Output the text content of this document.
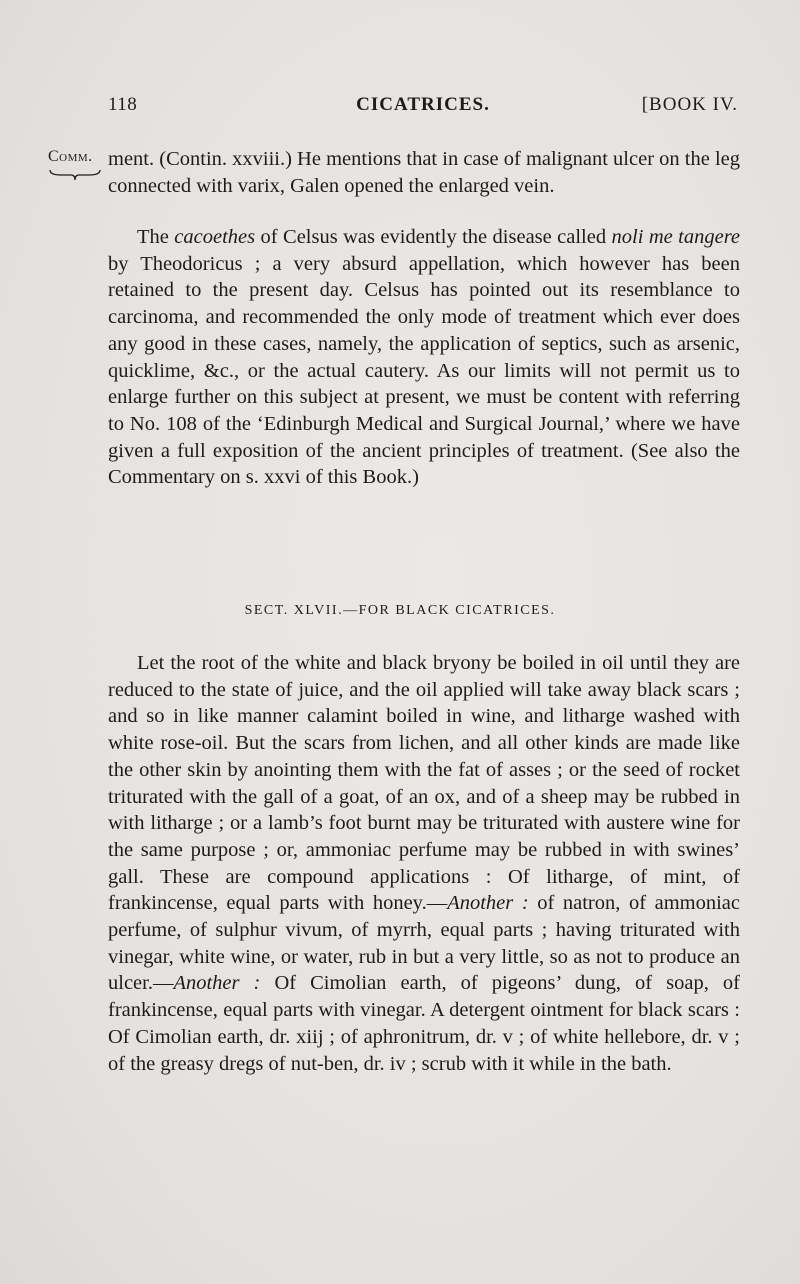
118	CICATRICES.	[BOOK IV.
Comm. ment. (Contin. xxviii.) He mentions that in case of malignant ulcer on the leg connected with varix, Galen opened the enlarged vein.

The cacoethes of Celsus was evidently the disease called noli me tangere by Theodoricus ; a very absurd appellation, which however has been retained to the present day. Celsus has pointed out its resemblance to carcinoma, and recommended the only mode of treatment which ever does any good in these cases, namely, the application of septics, such as arsenic, quicklime, &c., or the actual cautery. As our limits will not permit us to enlarge further on this subject at present, we must be content with referring to No. 108 of the ‘Edinburgh Medical and Surgical Journal,’ where we have given a full exposition of the ancient principles of treatment. (See also the Commentary on s. xxvi of this Book.)

SECT. XLVII.—FOR BLACK CICATRICES.

Let the root of the white and black bryony be boiled in oil until they are reduced to the state of juice, and the oil applied will take away black scars ; and so in like manner calamint boiled in wine, and litharge washed with white rose-oil. But the scars from lichen, and all other kinds are made like the other skin by anointing them with the fat of asses ; or the seed of rocket triturated with the gall of a goat, of an ox, and of a sheep may be rubbed in with litharge ; or a lamb’s foot burnt may be triturated with austere wine for the same purpose ; or, ammoniac perfume may be rubbed in with swines’ gall. These are compound applications : Of litharge, of mint, of frankincense, equal parts with honey.—Another : of natron, of ammoniac perfume, of sulphur vivum, of myrrh, equal parts ; having triturated with vinegar, white wine, or water, rub in but a very little, so as not to produce an ulcer.—Another : Of Cimolian earth, of pigeons’ dung, of soap, of frankincense, equal parts with vinegar. A detergent ointment for black scars : Of Cimolian earth, dr. xiij ; of aphronitrum, dr. v ; of white hellebore, dr. v ; of the greasy dregs of nut-ben, dr. iv ; scrub with it while in the bath.
